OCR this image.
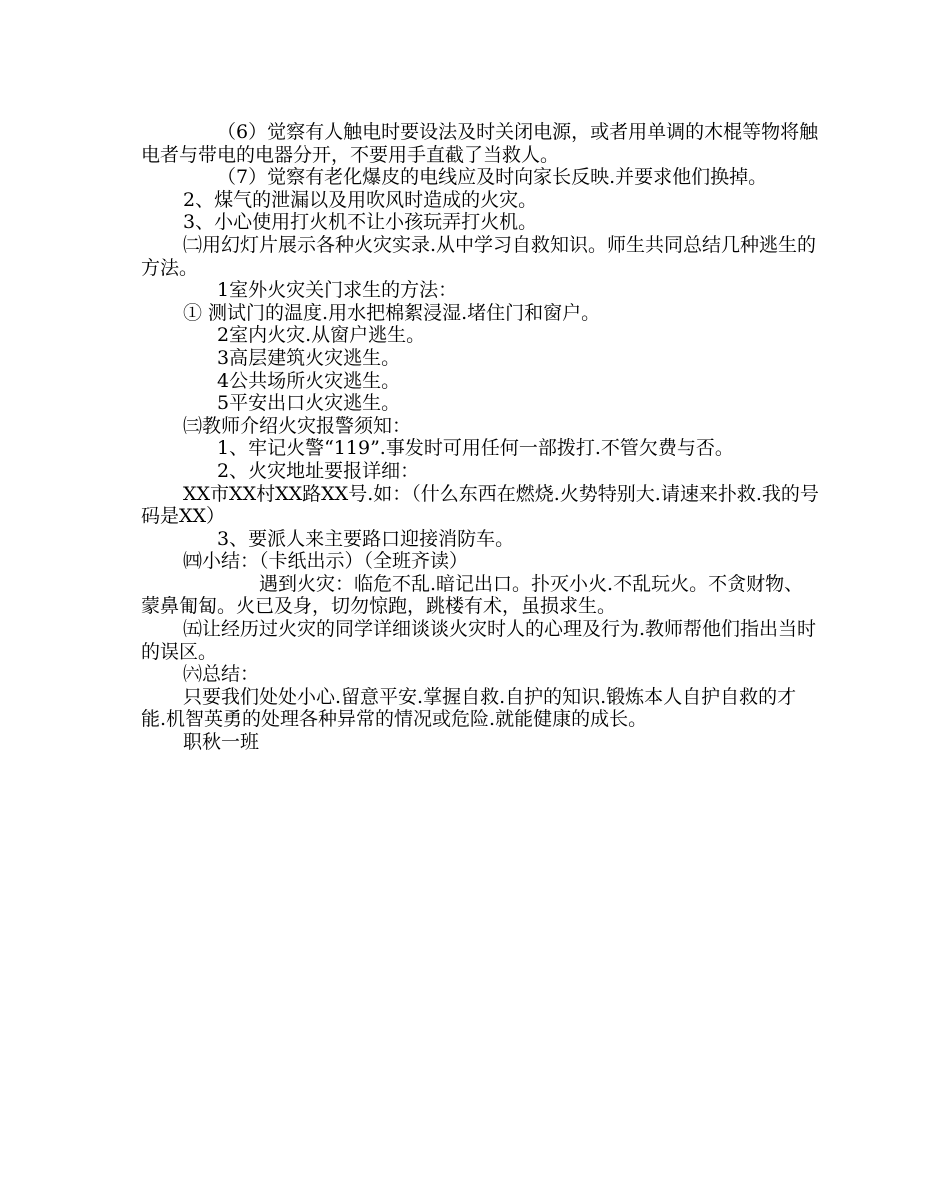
（6）觉察有人触电时要设法及时关闭电源，或者用单调的木棍等物将触电者与带电的电器分开，不要用手直截了当救人。

（7）觉察有老化爆皮的电线应及时向家长反映.并要求他们换掉。

2、煤气的泄漏以及用吹风时造成的火灾。

3、小心使用打火机不让小孩玩弄打火机。

㈡用幻灯片展示各种火灾实录.从中学习自救知识。师生共同总结几种逃生的方法。

1室外火灾关门求生的方法：

① 测试门的温度.用水把棉絮浸湿.堵住门和窗户。

2室内火灾.从窗户逃生。

3高层建筑火灾逃生。

4公共场所火灾逃生。

5平安出口火灾逃生。

㈢教师介绍火灾报警须知：

1、牢记火警“119”.事发时可用任何一部拨打.不管欠费与否。

2、火灾地址要报详细：

XX市XX村XX路XX号.如：（什么东西在燃烧.火势特别大.请速来扑救.我的号码是XX）

3、要派人来主要路口迎接消防车。

㈣小结：（卡纸出示）（全班齐读）

遇到火灾：临危不乱.暗记出口。扑灭小火.不乱玩火。不贪财物、蒙鼻匍匐。火已及身，切勿惊跑，跳楼有术，虽损求生。

㈤让经历过火灾的同学详细谈谈火灾时人的心理及行为.教师帮他们指出当时的误区。

㈥总结：

只要我们处处小心.留意平安.掌握自救.自护的知识.锻炼本人自护自救的才能.机智英勇的处理各种异常的情况或危险.就能健康的成长。

职秋一班
